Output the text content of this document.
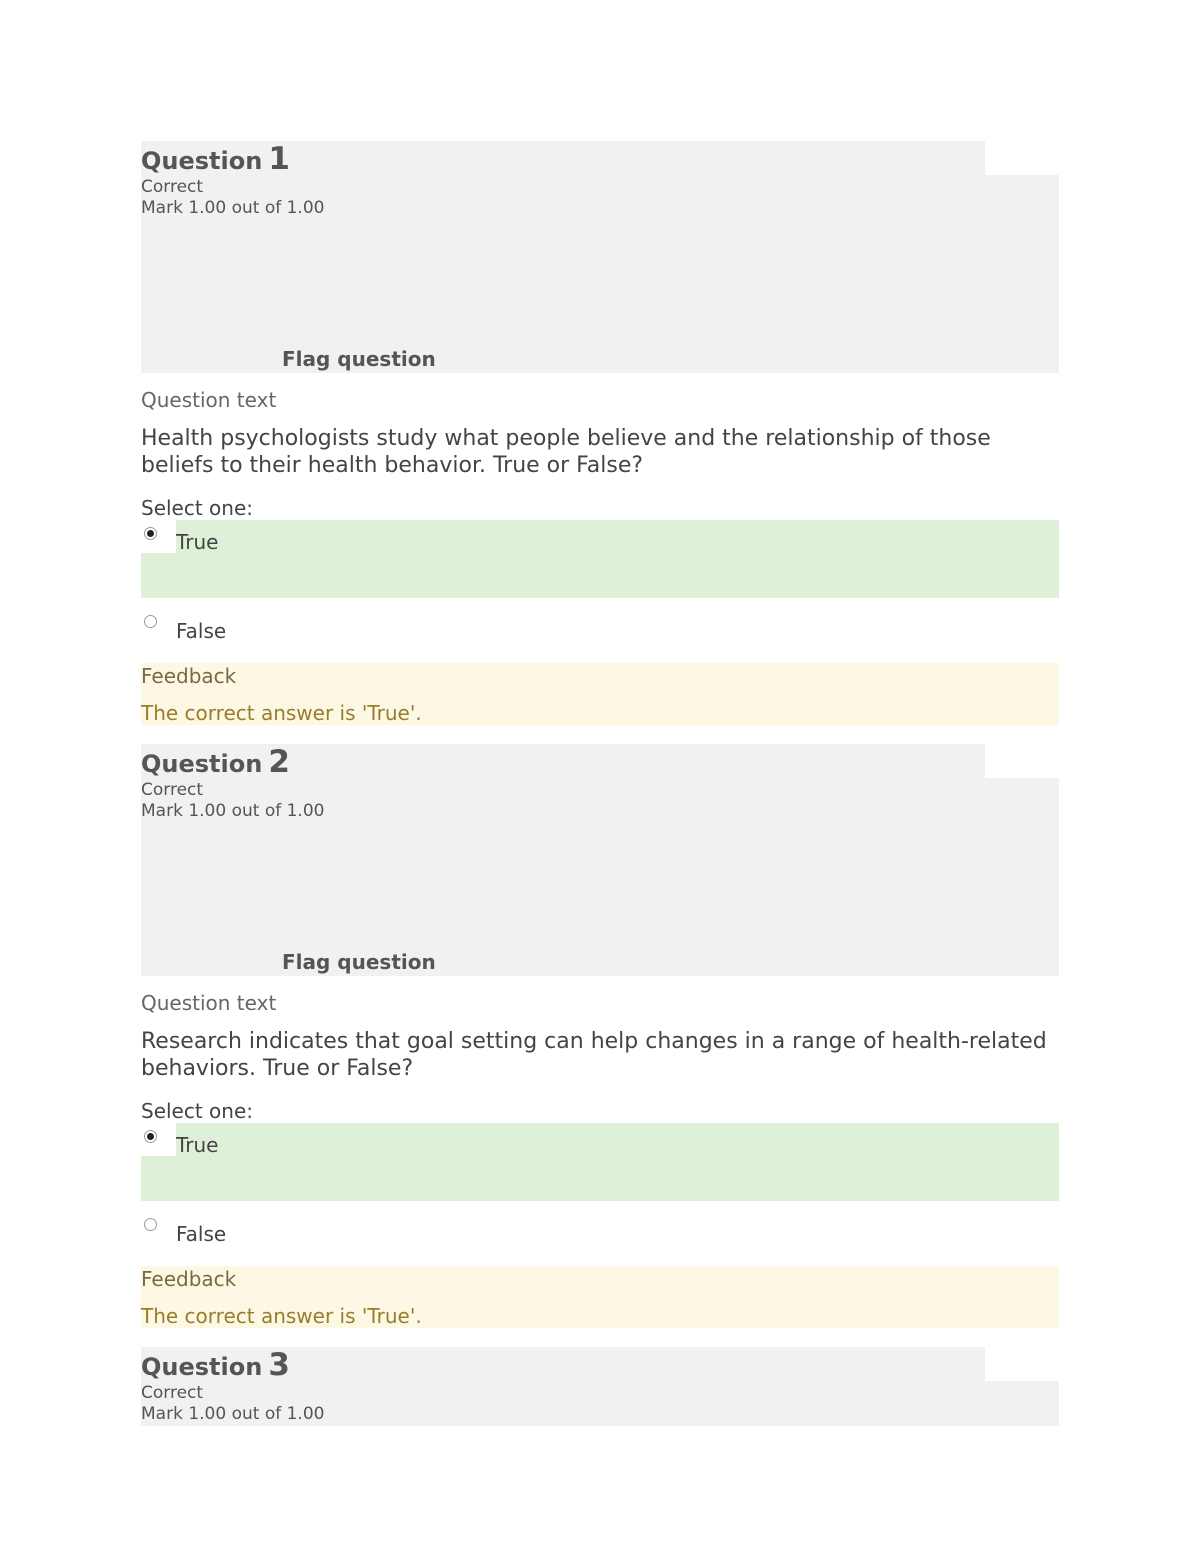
Question 1
Correct
Mark 1.00 out of 1.00
Flag question
Question text
Health psychologists study what people believe and the relationship of those beliefs to their health behavior. True or False?
Select one:
True
False
Feedback
The correct answer is 'True'.
Question 2
Correct
Mark 1.00 out of 1.00
Flag question
Question text
Research indicates that goal setting can help changes in a range of health-related behaviors. True or False?
Select one:
True
False
Feedback
The correct answer is 'True'.
Question 3
Correct
Mark 1.00 out of 1.00
